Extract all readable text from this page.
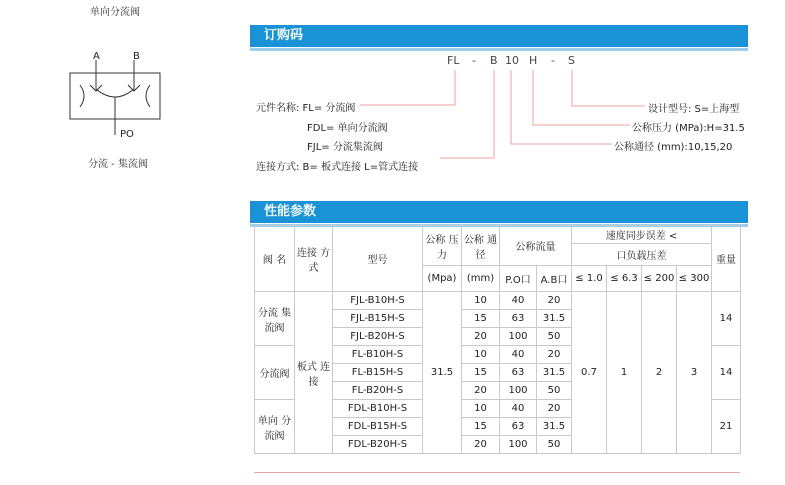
单向分流阀
A	B
PO
分流 - 集流阀
订购码
FL - B 10 H - S
元件名称: FL= 分流阀
FDL= 单向分流阀
FJL= 分流集流阀
连接方式: B= 板式连接 L=管式连接
设计型号: S=上海型
公称压力 (MPa):H=31.5
公称通径 (mm):10,15,20
性能参数
阀 名	连接 方式	型号	公称 压力	公称 通径	公称流量		速度同步误差 <				重量
							口负载压差				
			(Mpa)	(mm)	P.O口	A.B口	≤ 1.0	≤ 6.3	≤ 200	≤ 300	
分流 集流阀	板式 连接	FJL-B10H-S	31.5	10	40	20	0.7	1	2	3	14
		FJL-B15H-S		15	63	31.5					
		FJL-B20H-S		20	100	50					
分流阀		FL-B10H-S		10	40	20					14
		FL-B15H-S		15	63	31.5					
		FL-B20H-S		20	100	50					
单向 分流阀		FDL-B10H-S		10	40	20					21
		FDL-B15H-S		15	63	31.5					
		FDL-B20H-S		20	100	50					
